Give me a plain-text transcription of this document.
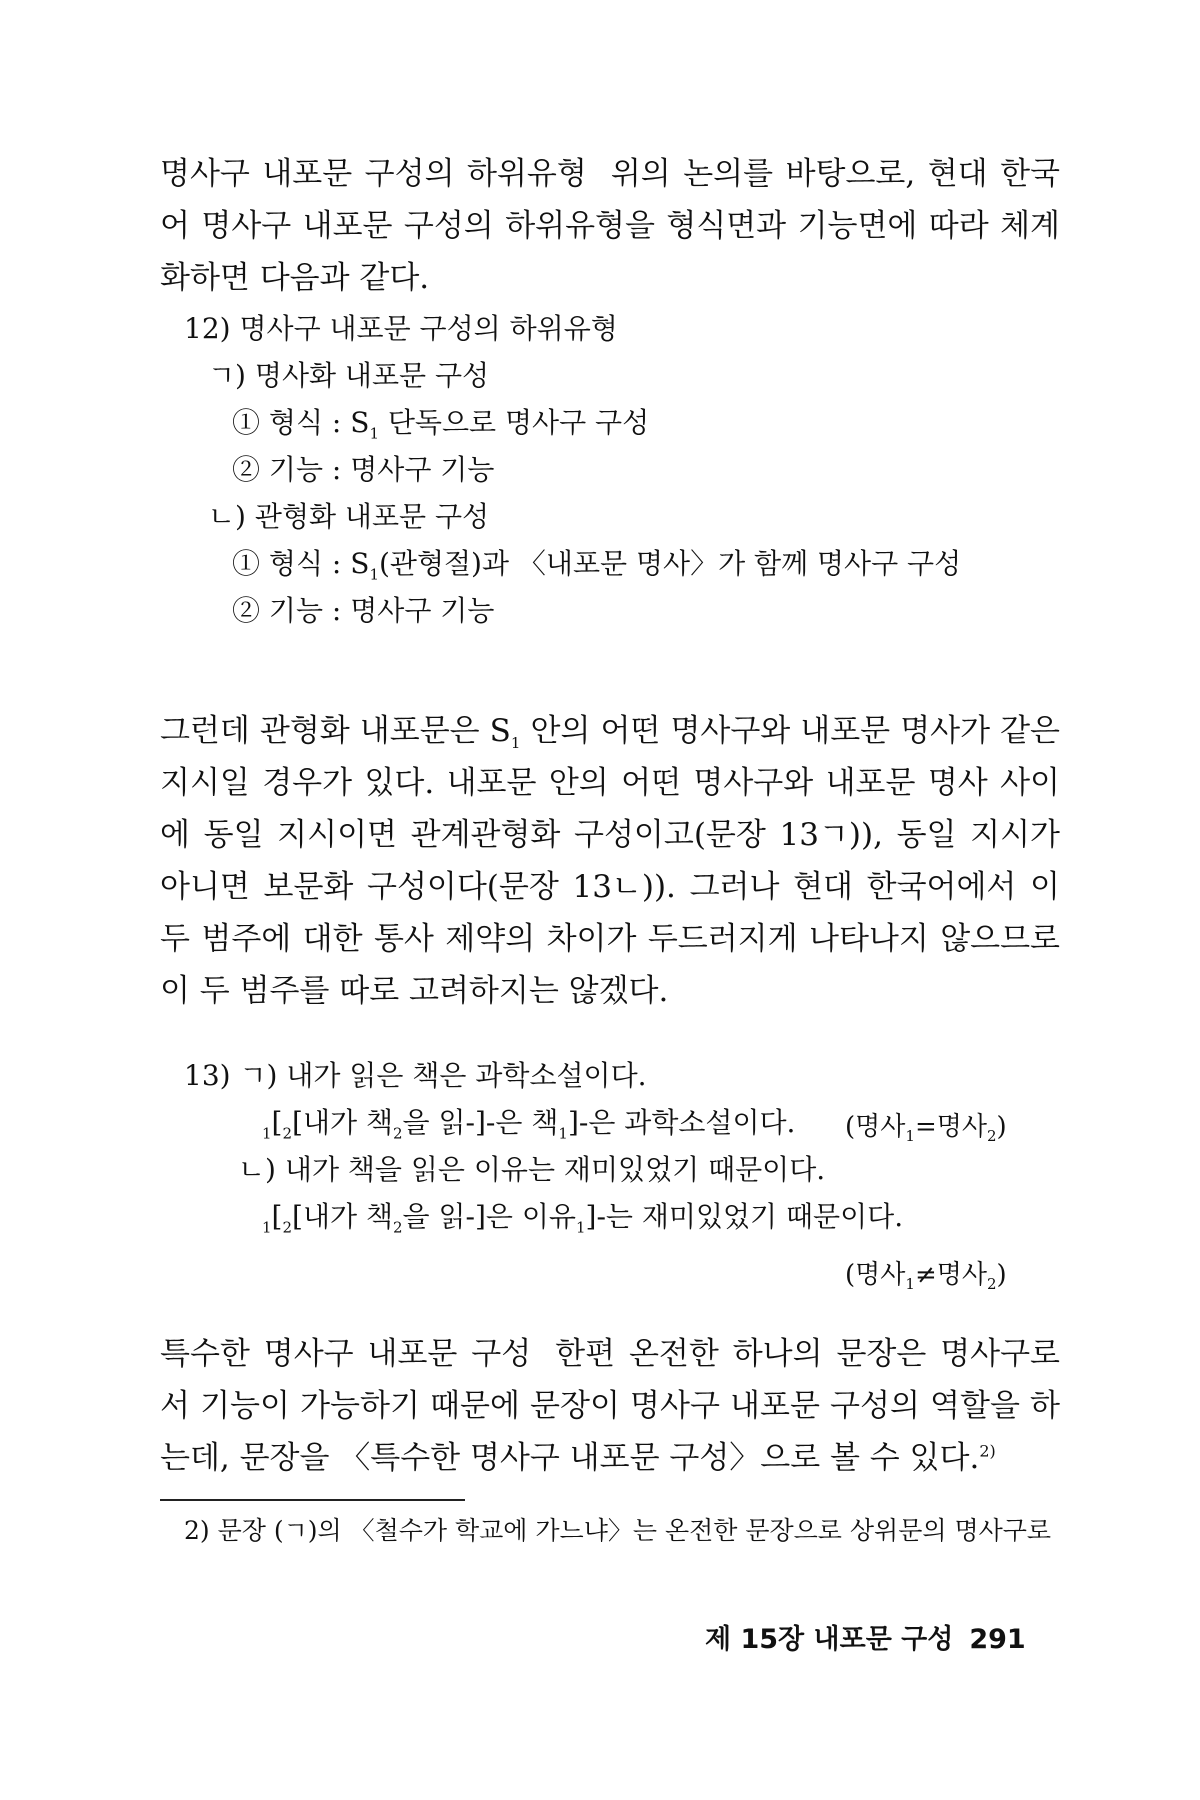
명사구 내포문 구성의 하위유형 위의 논의를 바탕으로, 현대 한국어 명사구 내포문 구성의 하위유형을 형식면과 기능면에 따라 체계화하면 다음과 같다.

12) 명사구 내포문 구성의 하위유형
ㄱ) 명사화 내포문 구성
① 형식 : $S_1$ 단독으로 명사구 구성
② 기능 : 명사구 기능
ㄴ) 관형화 내포문 구성
① 형식 : $S_1$(관형절)과 〈내포문 명사〉가 함께 명사구 구성
② 기능 : 명사구 기능

그런데 관형화 내포문은 $S_1$ 안의 어떤 명사구와 내포문 명사가 같은 지시일 경우가 있다. 내포문 안의 어떤 명사구와 내포문 명사 사이에 동일 지시이면 관계관형화 구성이고(문장 13ㄱ)), 동일 지시가 아니면 보문화 구성이다(문장 13ㄴ)). 그러나 현대 한국어에서 이 두 범주에 대한 통사 제약의 차이가 두드러지게 나타나지 않으므로 이 두 범주를 따로 고려하지는 않겠다.

13) ㄱ) 내가 읽은 책은 과학소설이다.
$_1[_2$[내가 책$_2$을 읽-]-은 책$_1$]-은 과학소설이다.
ㄴ) 내가 책을 읽은 이유는 재미있었기 때문이다.
$_1[_2$[내가 책$_2$을 읽-]은 이유$_1$]-는 재미있었기 때문이다.
(명사$_1$=명사$_2$)
(명사$_1$≠명사$_2$)

특수한 명사구 내포문 구성 한편 온전한 하나의 문장은 명사구로서 기능이 가능하기 때문에 문장이 명사구 내포문 구성의 역할을 하는데, 문장을 〈특수한 명사구 내포문 구성〉으로 볼 수 있다.$^{2)}$

2) 문장 (ㄱ)의 〈철수가 학교에 가느냐〉는 온전한 문장으로 상위문의 명사구로
제 15장 내포문 구성 291
